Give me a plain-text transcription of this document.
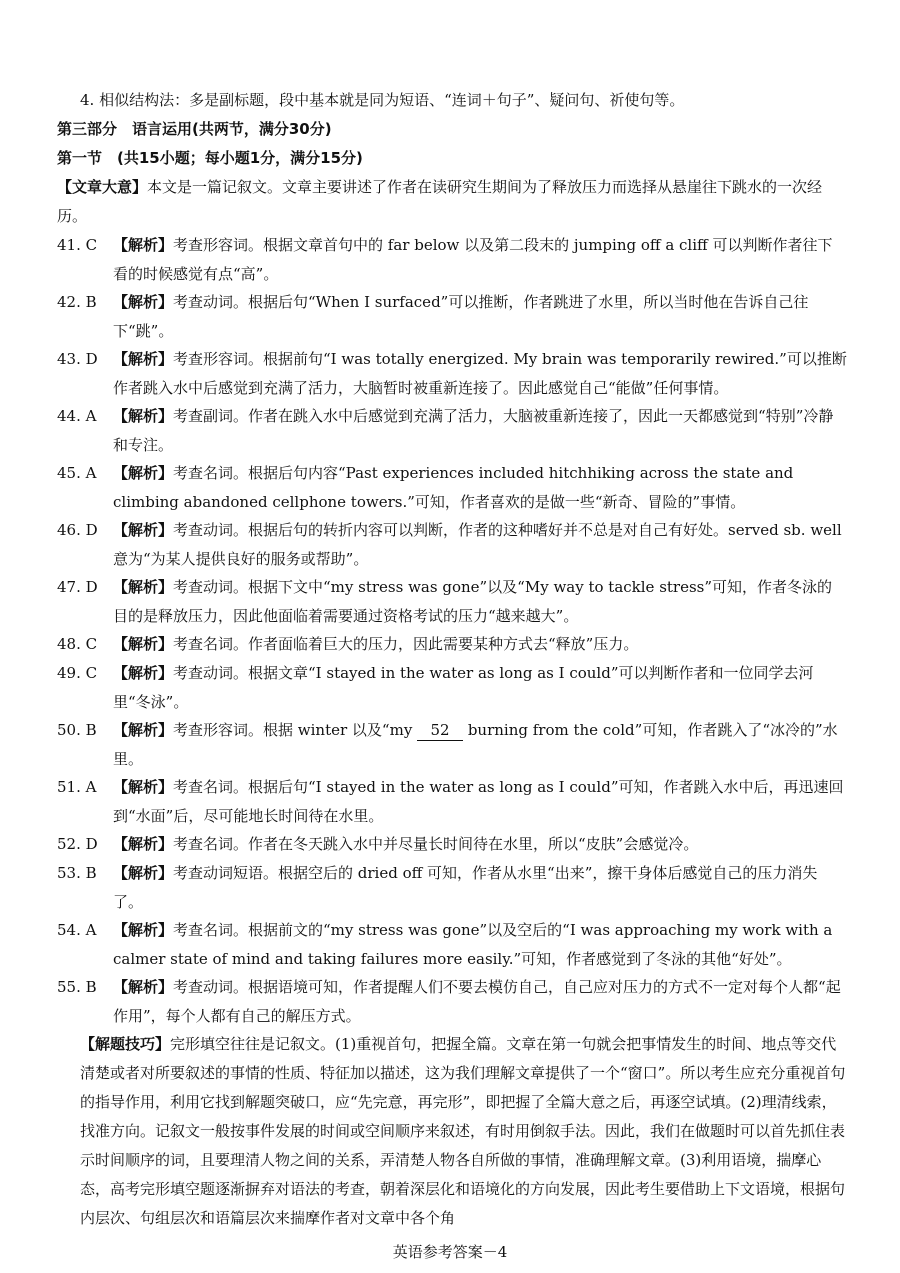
4. 相似结构法：多是副标题，段中基本就是同为短语、“连词＋句子”、疑问句、祈使句等。
第三部分　语言运用(共两节，满分30分)
第一节　(共15小题；每小题1分，满分15分)
【文章大意】本文是一篇记叙文。文章主要讲述了作者在读研究生期间为了释放压力而选择从悬崖往下跳水的一次经历。
41. C	【解析】考查形容词。根据文章首句中的 far below 以及第二段末的 jumping off a cliff 可以判断作者往下看的时候感觉有点“高”。
42. B	【解析】考查动词。根据后句“When I surfaced”可以推断，作者跳进了水里，所以当时他在告诉自己往下“跳”。
43. D	【解析】考查形容词。根据前句“I was totally energized. My brain was temporarily rewired.”可以推断作者跳入水中后感觉到充满了活力，大脑暂时被重新连接了。因此感觉自己“能做”任何事情。
44. A	【解析】考查副词。作者在跳入水中后感觉到充满了活力，大脑被重新连接了，因此一天都感觉到“特别”冷静和专注。
45. A	【解析】考查名词。根据后句内容“Past experiences included hitchhiking across the state and climbing abandoned cellphone towers.”可知，作者喜欢的是做一些“新奇、冒险的”事情。
46. D	【解析】考查动词。根据后句的转折内容可以判断，作者的这种嗜好并不总是对自己有好处。served sb. well 意为“为某人提供良好的服务或帮助”。
47. D	【解析】考查动词。根据下文中“my stress was gone”以及“My way to tackle stress”可知，作者冬泳的目的是释放压力，因此他面临着需要通过资格考试的压力“越来越大”。
48. C	【解析】考查名词。作者面临着巨大的压力，因此需要某种方式去“释放”压力。
49. C	【解析】考查动词。根据文章“I stayed in the water as long as I could”可以判断作者和一位同学去河里“冬泳”。
50. B	【解析】考查形容词。根据 winter 以及“my 52 burning from the cold”可知，作者跳入了“冰冷的”水里。
51. A	【解析】考查名词。根据后句“I stayed in the water as long as I could”可知，作者跳入水中后，再迅速回到“水面”后，尽可能地长时间待在水里。
52. D	【解析】考查名词。作者在冬天跳入水中并尽量长时间待在水里，所以“皮肤”会感觉冷。
53. B	【解析】考查动词短语。根据空后的 dried off 可知，作者从水里“出来”，擦干身体后感觉自己的压力消失了。
54. A	【解析】考查名词。根据前文的“my stress was gone”以及空后的“I was approaching my work with a calmer state of mind and taking failures more easily.”可知，作者感觉到了冬泳的其他“好处”。
55. B	【解析】考查动词。根据语境可知，作者提醒人们不要去模仿自己，自己应对压力的方式不一定对每个人都“起作用”，每个人都有自己的解压方式。
【解题技巧】完形填空往往是记叙文。(1)重视首句，把握全篇。文章在第一句就会把事情发生的时间、地点等交代清楚或者对所要叙述的事情的性质、特征加以描述，这为我们理解文章提供了一个“窗口”。所以考生应充分重视首句的指导作用，利用它找到解题突破口，应“先完意，再完形”，即把握了全篇大意之后，再逐空试填。(2)理清线索，找准方向。记叙文一般按事件发展的时间或空间顺序来叙述，有时用倒叙手法。因此，我们在做题时可以首先抓住表示时间顺序的词，且要理清人物之间的关系，弄清楚人物各自所做的事情，准确理解文章。(3)利用语境，揣摩心态，高考完形填空题逐渐摒弃对语法的考查，朝着深层化和语境化的方向发展，因此考生要借助上下文语境，根据句内层次、句组层次和语篇层次来揣摩作者对文章中各个角
英语参考答案－4
